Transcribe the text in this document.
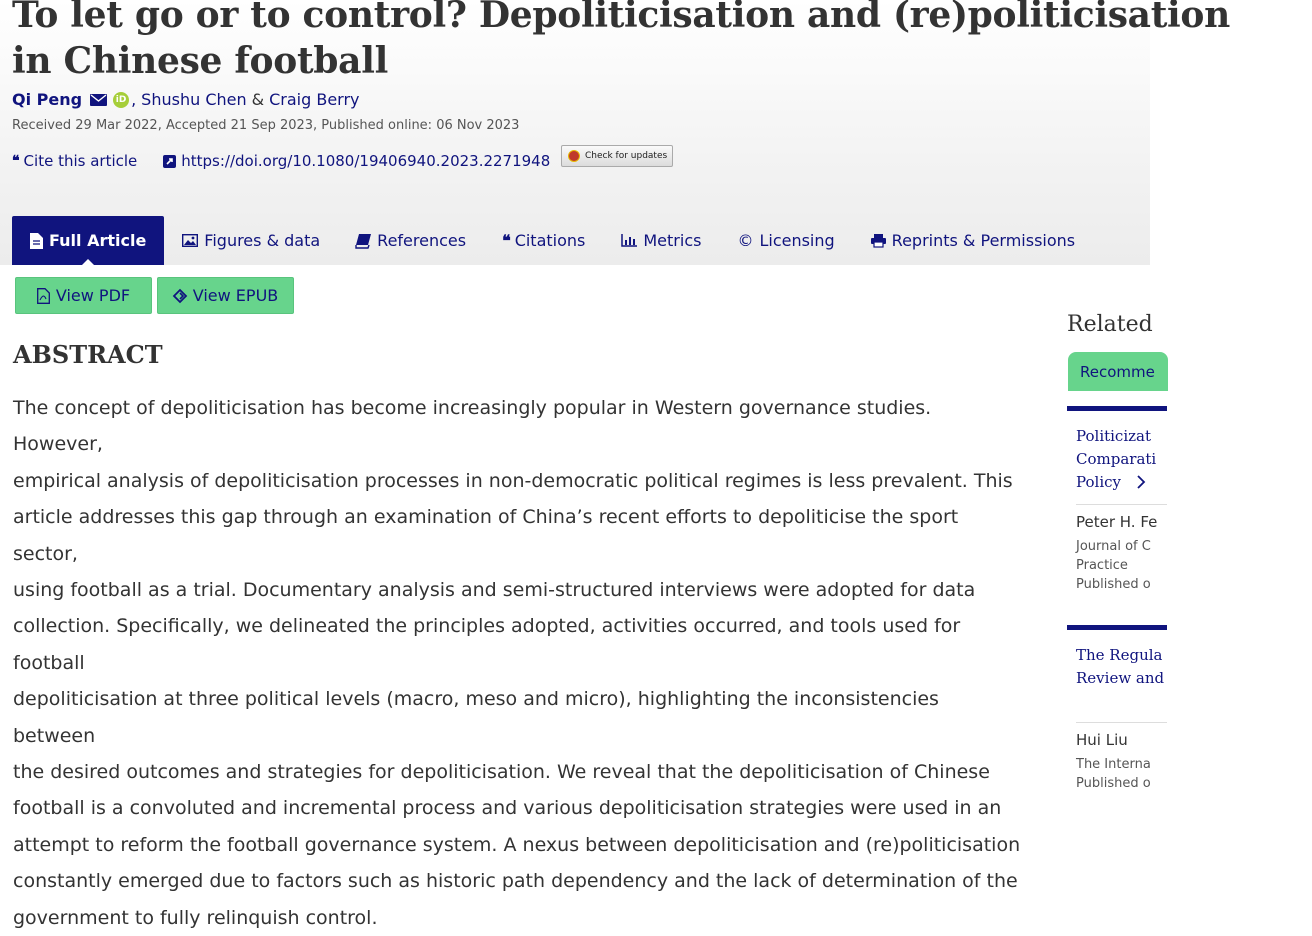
To let go or to control? Depoliticisation and (re)politicisation
in Chinese football
Qi Peng	iD , Shushu Chen & Craig Berry
Received 29 Mar 2022, Accepted 21 Sep 2023, Published online: 06 Nov 2023
❝ Cite this article	https://doi.org/10.1080/19406940.2023.2271948	Check for updates
Full Article	Figures & data	References ❝ Citations	Metrics © Licensing	Reprints & Permissions
View PDF	View EPUB
ABSTRACT

The concept of depoliticisation has become increasingly popular in Western governance studies. However,
empirical analysis of depoliticisation processes in non-democratic political regimes is less prevalent. This
article addresses this gap through an examination of China’s recent efforts to depoliticise the sport sector,
using football as a trial. Documentary analysis and semi-structured interviews were adopted for data
collection. Specifically, we delineated the principles adopted, activities occurred, and tools used for football
depoliticisation at three political levels (macro, meso and micro), highlighting the inconsistencies between
the desired outcomes and strategies for depoliticisation. We reveal that the depoliticisation of Chinese
football is a convoluted and incremental process and various depoliticisation strategies were used in an
attempt to reform the football governance system. A nexus between depoliticisation and (re)politicisation
constantly emerged due to factors such as historic path dependency and the lack of determination of the
government to fully relinquish control.

Related
Recomme
Politicizat
Comparati
Policy
Peter H. Fe
Journal of C
Practice
Published o
The Regula
Review and
Hui Liu
The Interna
Published o
